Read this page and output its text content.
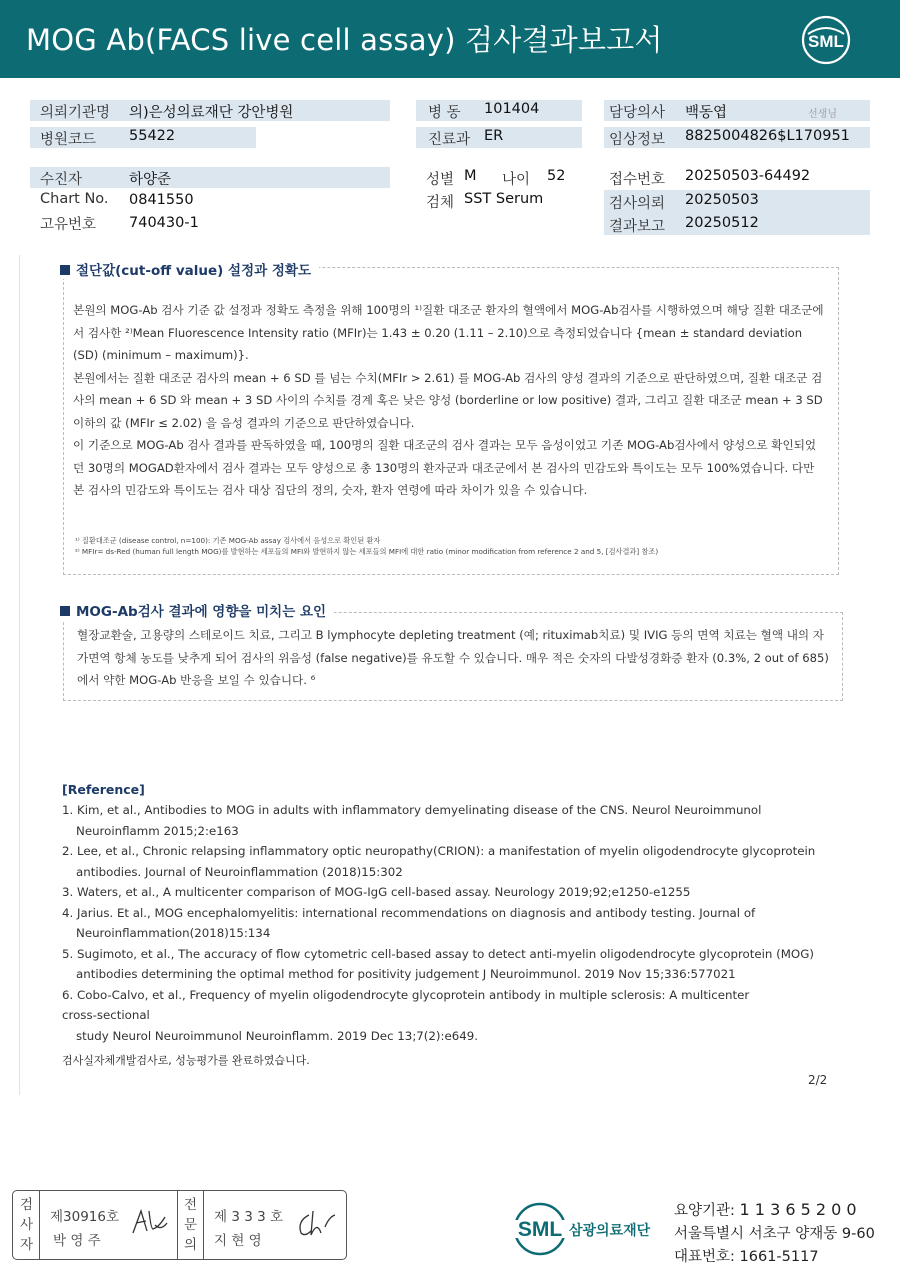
MOG Ab(FACS live cell assay) 검사결과보고서	SML
의뢰기관명 의)은성의료재단 강안병원
병원코드 55422
병 동 101404
진료과 ER
담당의사 백동엽	선생님
임상정보 8825004826$L170951
수진자	하양준
Chart No. 0841550
고유번호 740430-1
성별 M 나이 52
검체 SST Serum
접수번호 20250503-64492
검사의뢰 20250503
결과보고 20250512
절단값(cut-off value) 설정과 정확도

본원의 MOG-Ab 검사 기준 값 설정과 정확도 측정을 위해 100명의 ¹⁾질환 대조군 환자의 혈액에서 MOG-Ab검사를 시행하였으며 해당 질환 대조군에서 검사한 ²⁾Mean Fluorescence Intensity ratio (MFIr)는 1.43 ± 0.20 (1.11 – 2.10)으로 측정되었습니다 {mean ± standard deviation (SD) (minimum – maximum)}.

본원에서는 질환 대조군 검사의 mean + 6 SD 를 넘는 수치(MFIr > 2.61) 를 MOG-Ab 검사의 양성 결과의 기준으로 판단하였으며, 질환 대조군 검사의 mean + 6 SD 와 mean + 3 SD 사이의 수치를 경계 혹은 낮은 양성 (borderline or low positive) 결과, 그리고 질환 대조군 mean + 3 SD 이하의 값 (MFIr ≤ 2.02) 을 음성 결과의 기준으로 판단하였습니다.

이 기준으로 MOG-Ab 검사 결과를 판독하였을 때, 100명의 질환 대조군의 검사 결과는 모두 음성이었고 기존 MOG-Ab검사에서 양성으로 확인되었던 30명의 MOGAD환자에서 검사 결과는 모두 양성으로 총 130명의 환자군과 대조군에서 본 검사의 민감도와 특이도는 모두 100%였습니다. 다만 본 검사의 민감도와 특이도는 검사 대상 집단의 정의, 숫자, 환자 연령에 따라 차이가 있을 수 있습니다.

¹⁾ 질환대조군 (disease control, n=100): 기존 MOG-Ab assay 검사에서 음성으로 확인된 환자
²⁾ MFIr= ds-Red (human full length MOG)를 발현하는 세포들의 MFI와 발현하지 않는 세포들의 MFI에 대한 ratio (minor modification from reference 2 and 5, [검사결과] 참조)
MOG-Ab검사 결과에 영향을 미치는 요인

혈장교환술, 고용량의 스테로이드 치료, 그리고 B lymphocyte depleting treatment (예; rituximab치료) 및 IVIG 등의 면역 치료는 혈액 내의 자가면역 항체 농도를 낮추게 되어 검사의 위음성 (false negative)를 유도할 수 있습니다. 매우 적은 숫자의 다발성경화증 환자 (0.3%, 2 out of 685)에서 약한 MOG-Ab 반응을 보일 수 있습니다. ⁶

[Reference]
1. Kim, et al., Antibodies to MOG in adults with inflammatory demyelinating disease of the CNS. Neurol Neuroimmunol
Neuroinflamm 2015;2:e163
2. Lee, et al., Chronic relapsing inflammatory optic neuropathy(CRION): a manifestation of myelin oligodendrocyte glycoprotein
antibodies. Journal of Neuroinflammation (2018)15:302
3. Waters, et al., A multicenter comparison of MOG-IgG cell-based assay. Neurology 2019;92;e1250-e1255
4. Jarius. Et al., MOG encephalomyelitis: international recommendations on diagnosis and antibody testing. Journal of
Neuroinflammation(2018)15:134
5. Sugimoto, et al., The accuracy of flow cytometric cell-based assay to detect anti-myelin oligodendrocyte glycoprotein (MOG)
antibodies determining the optimal method for positivity judgement J Neuroimmunol. 2019 Nov 15;336:577021
6. Cobo-Calvo, et al., Frequency of myelin oligodendrocyte glycoprotein antibody in multiple sclerosis: A multicenter
cross-sectional
study Neurol Neuroimmunol Neuroinflamm. 2019 Dec 13;7(2):e649.
검사실자체개발검사로, 성능평가를 완료하였습니다.
2/2
검
사
자
제30916호
박 영 주
전
문
의
제 3 3 3 호
지 현 영	SML 삼광의료재단
요양기관: 1 1 3 6 5 2 0 0
서울특별시 서초구 양재동 9-60
대표번호: 1661-5117
